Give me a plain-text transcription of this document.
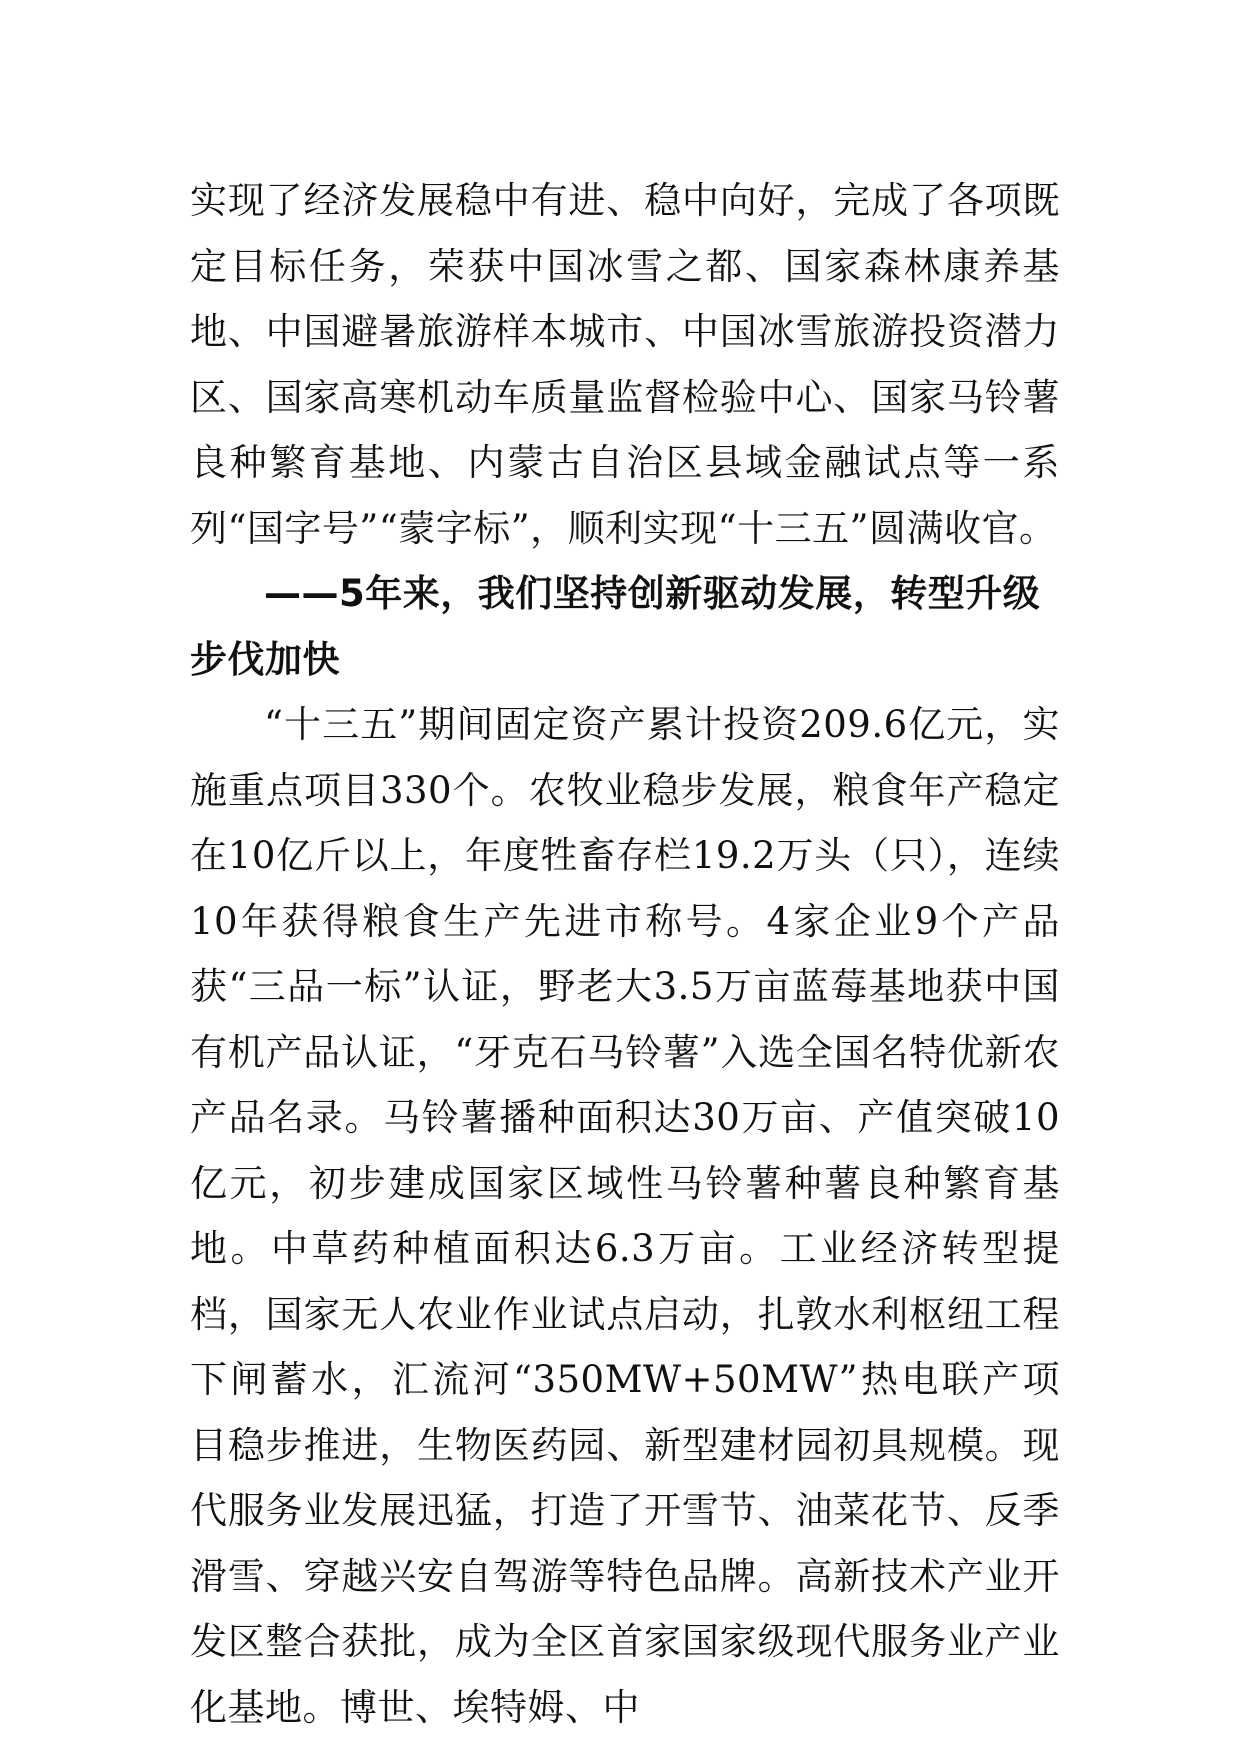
实现了经济发展稳中有进、稳中向好，完成了各项既定目标任务，荣获中国冰雪之都、国家森林康养基地、中国避暑旅游样本城市、中国冰雪旅游投资潜力区、国家高寒机动车质量监督检验中心、国家马铃薯良种繁育基地、内蒙古自治区县域金融试点等一系列“国字号”“蒙字标”，顺利实现“十三五”圆满收官。

——5年来，我们坚持创新驱动发展，转型升级步伐加快

“十三五”期间固定资产累计投资209.6亿元，实施重点项目330个。农牧业稳步发展，粮食年产稳定在10亿斤以上，年度牲畜存栏19.2万头（只），连续10年获得粮食生产先进市称号。4家企业9个产品获“三品一标”认证，野老大3.5万亩蓝莓基地获中国有机产品认证，“牙克石马铃薯”入选全国名特优新农产品名录。马铃薯播种面积达30万亩、产值突破10亿元，初步建成国家区域性马铃薯种薯良种繁育基地。中草药种植面积达6.3万亩。工业经济转型提档，国家无人农业作业试点启动，扎敦水利枢纽工程下闸蓄水，汇流河“350MW+50MW”热电联产项目稳步推进，生物医药园、新型建材园初具规模。现代服务业发展迅猛，打造了开雪节、油菜花节、反季滑雪、穿越兴安自驾游等特色品牌。高新技术产业开发区整合获批，成为全区首家国家级现代服务业产业化基地。博世、埃特姆、中
